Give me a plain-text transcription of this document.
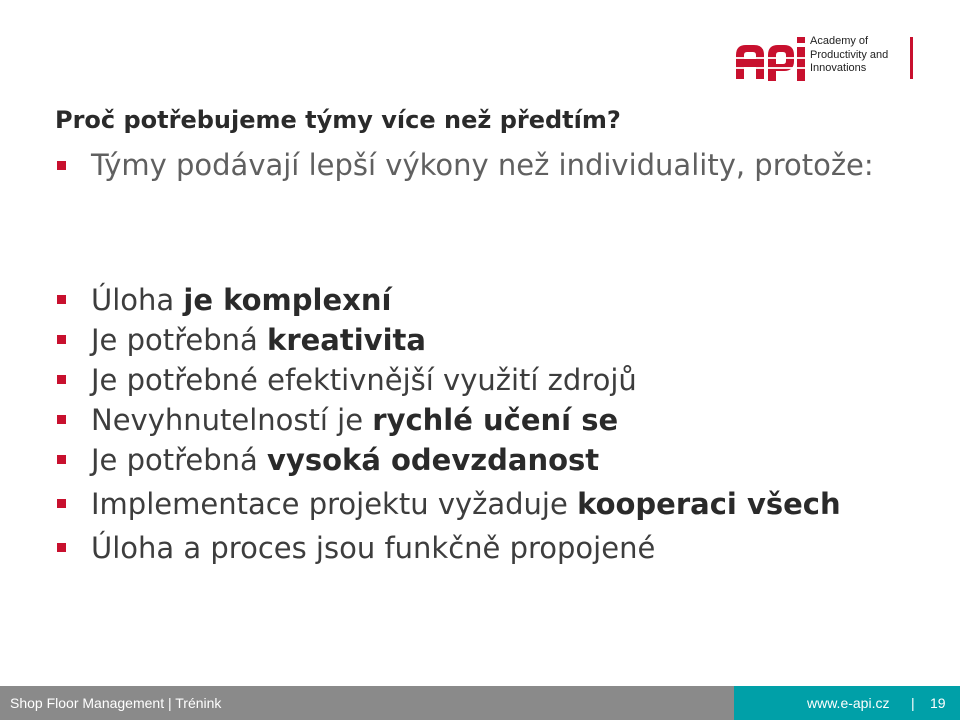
Academy of
Productivity and
Innovations
Proč potřebujeme týmy více než předtím?
Týmy podávají lepší výkony než individuality, protože:
Úloha je komplexní
Je potřebná kreativita
Je potřebné efektivnější využití zdrojů
Nevyhnutelností je rychlé učení se
Je potřebná vysoká odevzdanost
Implementace projektu vyžaduje kooperaci všech
Úloha a proces jsou funkčně propojené
Shop Floor Management | Trénink	www.e-api.cz | 19
